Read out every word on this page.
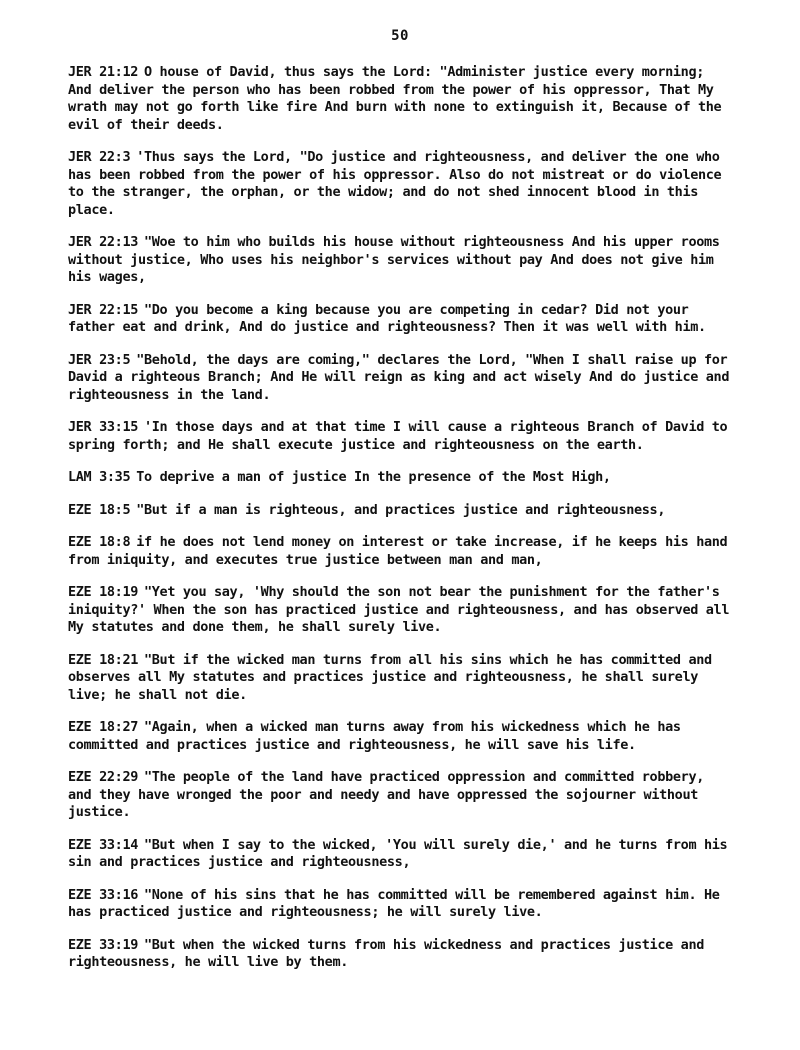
50

JER 21:12 O house of David, thus says the Lord: "Administer justice every morning; And deliver the person who has been robbed from the power of his oppressor, That My wrath may not go forth like fire And burn with none to extinguish it, Because of the evil of their deeds.

JER 22:3 'Thus says the Lord, "Do justice and righteousness, and deliver the one who has been robbed from the power of his oppressor. Also do not mistreat or do violence to the stranger, the orphan, or the widow; and do not shed innocent blood in this place.

JER 22:13 "Woe to him who builds his house without righteousness And his upper rooms without justice, Who uses his neighbor's services without pay And does not give him his wages,

JER 22:15 "Do you become a king because you are competing in cedar? Did not your father eat and drink, And do justice and righteousness? Then it was well with him.

JER 23:5 "Behold, the days are coming," declares the Lord, "When I shall raise up for David a righteous Branch; And He will reign as king and act wisely And do justice and righteousness in the land.

JER 33:15 'In those days and at that time I will cause a righteous Branch of David to spring forth; and He shall execute justice and righteousness on the earth.

LAM 3:35 To deprive a man of justice In the presence of the Most High,

EZE 18:5 "But if a man is righteous, and practices justice and righteousness,

EZE 18:8 if he does not lend money on interest or take increase, if he keeps his hand from iniquity, and executes true justice between man and man,

EZE 18:19 "Yet you say, 'Why should the son not bear the punishment for the father's iniquity?' When the son has practiced justice and righteousness, and has observed all My statutes and done them, he shall surely live.

EZE 18:21 "But if the wicked man turns from all his sins which he has committed and observes all My statutes and practices justice and righteousness, he shall surely live; he shall not die.

EZE 18:27 "Again, when a wicked man turns away from his wickedness which he has committed and practices justice and righteousness, he will save his life.

EZE 22:29 "The people of the land have practiced oppression and committed robbery, and they have wronged the poor and needy and have oppressed the sojourner without justice.

EZE 33:14 "But when I say to the wicked, 'You will surely die,' and he turns from his sin and practices justice and righteousness,

EZE 33:16 "None of his sins that he has committed will be remembered against him. He has practiced justice and righteousness; he will surely live.

EZE 33:19 "But when the wicked turns from his wickedness and practices justice and righteousness, he will live by them.
